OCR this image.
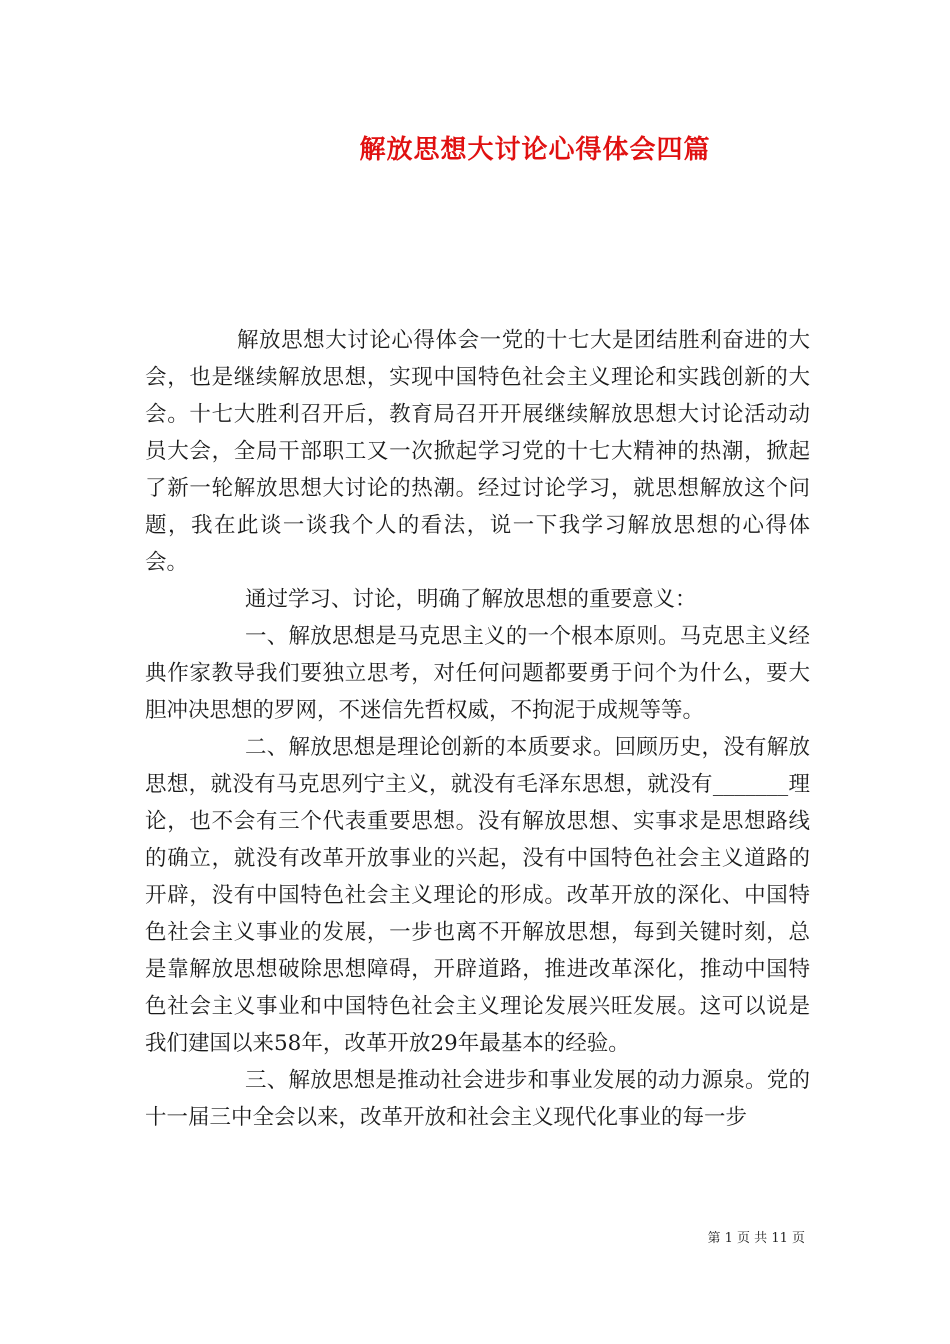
解放思想大讨论心得体会四篇

解放思想大讨论心得体会一党的十七大是团结胜利奋进的大会，也是继续解放思想，实现中国特色社会主义理论和实践创新的大会。十七大胜利召开后，教育局召开开展继续解放思想大讨论活动动员大会，全局干部职工又一次掀起学习党的十七大精神的热潮，掀起了新一轮解放思想大讨论的热潮。经过讨论学习，就思想解放这个问题，我在此谈一谈我个人的看法，说一下我学习解放思想的心得体会。

通过学习、讨论，明确了解放思想的重要意义：

一、解放思想是马克思主义的一个根本原则。马克思主义经典作家教导我们要独立思考，对任何问题都要勇于问个为什么，要大胆冲决思想的罗网，不迷信先哲权威，不拘泥于成规等等。

二、解放思想是理论创新的本质要求。回顾历史，没有解放思想，就没有马克思列宁主义，就没有毛泽东思想，就没有_______理论，也不会有三个代表重要思想。没有解放思想、实事求是思想路线的确立，就没有改革开放事业的兴起，没有中国特色社会主义道路的开辟，没有中国特色社会主义理论的形成。改革开放的深化、中国特色社会主义事业的发展，一步也离不开解放思想，每到关键时刻，总是靠解放思想破除思想障碍，开辟道路，推进改革深化，推动中国特色社会主义事业和中国特色社会主义理论发展兴旺发展。这可以说是我们建国以来58年，改革开放29年最基本的经验。

三、解放思想是推动社会进步和事业发展的动力源泉。党的十一届三中全会以来，改革开放和社会主义现代化事业的每一步

第 1 页 共 11 页
